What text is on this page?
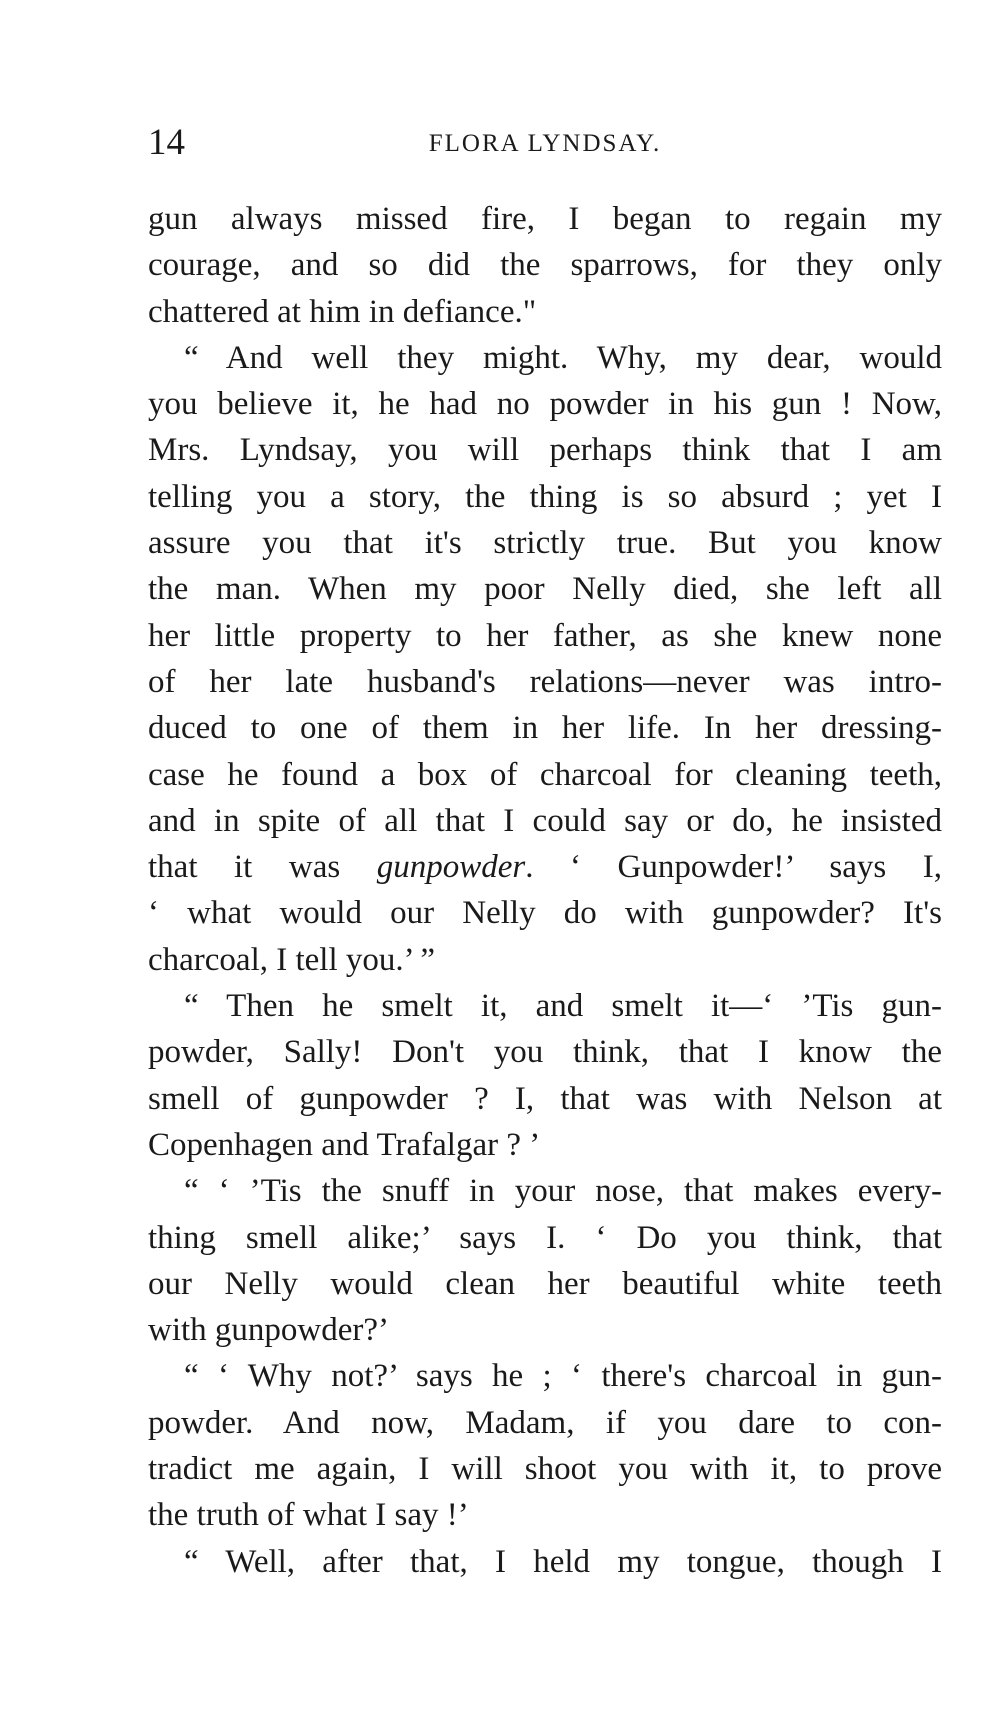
14	FLORA LYNDSAY.
gun always missed fire, I began to regain my
courage, and so did the sparrows, for they only
chattered at him in defiance."
“ And well they might. Why, my dear, would
you believe it, he had no powder in his gun ! Now,
Mrs. Lyndsay, you will perhaps think that I am
telling you a story, the thing is so absurd ; yet I
assure you that it's strictly true. But you know
the man. When my poor Nelly died, she left all
her little property to her father, as she knew none
of her late husband's relations—never was intro-
duced to one of them in her life. In her dressing-
case he found a box of charcoal for cleaning teeth,
and in spite of all that I could say or do, he insisted
that it was gunpowder. ‘ Gunpowder!’ says I,
‘ what would our Nelly do with gunpowder? It's
charcoal, I tell you.’ ”
“ Then he smelt it, and smelt it—‘ ’Tis gun-
powder, Sally! Don't you think, that I know the
smell of gunpowder ? I, that was with Nelson at
Copenhagen and Trafalgar ? ’
“ ‘ ’Tis the snuff in your nose, that makes every-
thing smell alike;’ says I. ‘ Do you think, that
our Nelly would clean her beautiful white teeth
with gunpowder?’
“ ‘ Why not?’ says he ; ‘ there's charcoal in gun-
powder. And now, Madam, if you dare to con-
tradict me again, I will shoot you with it, to prove
the truth of what I say !’
“ Well, after that, I held my tongue, though I
